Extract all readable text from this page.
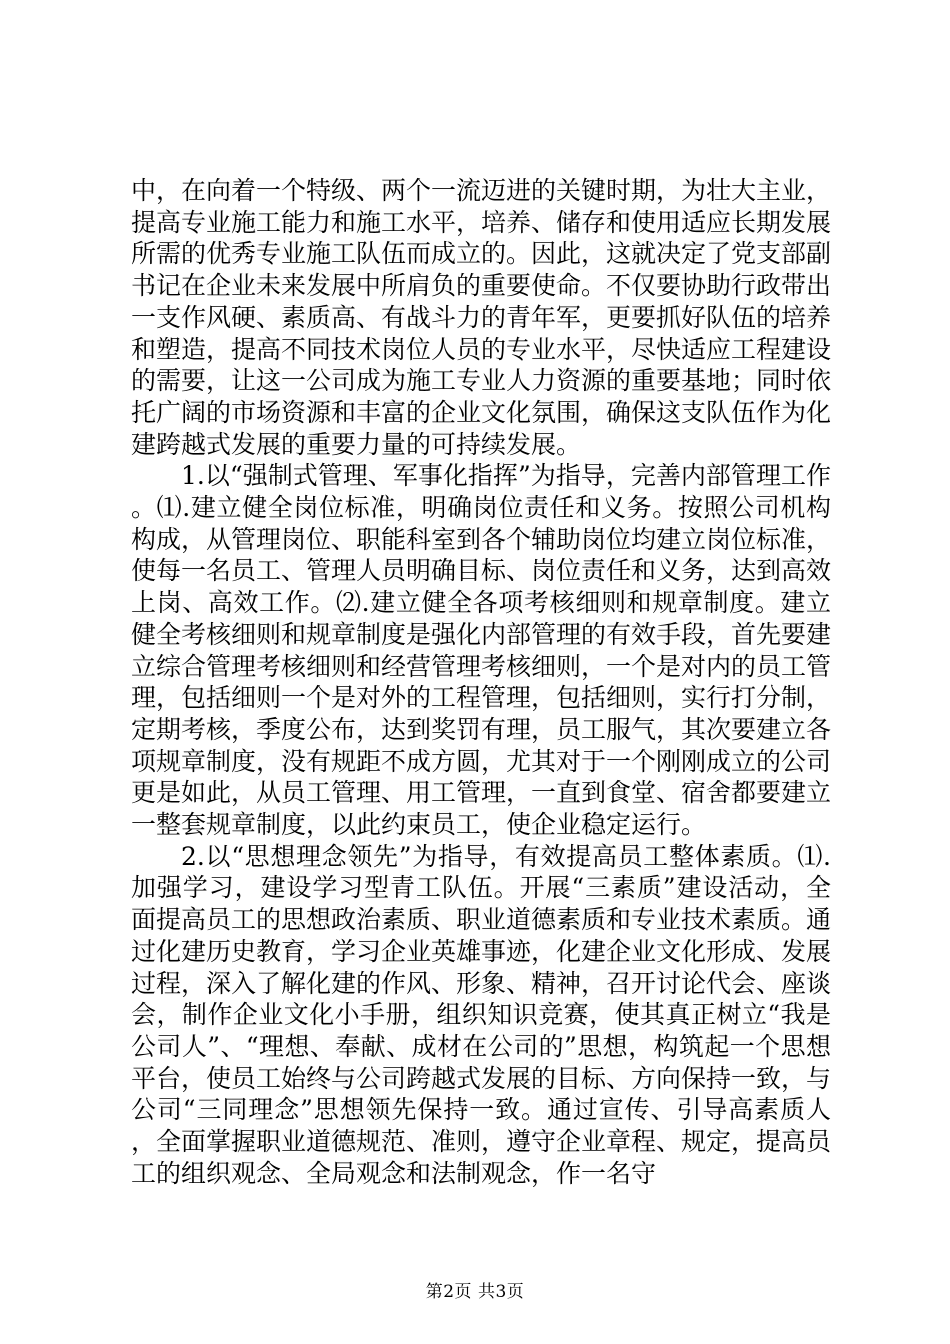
中，在向着一个特级、两个一流迈进的关键时期，为壮大主业，提高专业施工能力和施工水平，培养、储存和使用适应长期发展所需的优秀专业施工队伍而成立的。因此，这就决定了党支部副书记在企业未来发展中所肩负的重要使命。不仅要协助行政带出一支作风硬、素质高、有战斗力的青年军，更要抓好队伍的培养和塑造，提高不同技术岗位人员的专业水平，尽快适应工程建设的需要，让这一公司成为施工专业人力资源的重要基地；同时依托广阔的市场资源和丰富的企业文化氛围，确保这支队伍作为化建跨越式发展的重要力量的可持续发展。

1.以“强制式管理、军事化指挥”为指导，完善内部管理工作。⑴.建立健全岗位标准，明确岗位责任和义务。按照公司机构构成，从管理岗位、职能科室到各个辅助岗位均建立岗位标准，使每一名员工、管理人员明确目标、岗位责任和义务，达到高效上岗、高效工作。⑵.建立健全各项考核细则和规章制度。建立健全考核细则和规章制度是强化内部管理的有效手段，首先要建立综合管理考核细则和经营管理考核细则，一个是对内的员工管理，包括细则一个是对外的工程管理，包括细则，实行打分制，定期考核，季度公布，达到奖罚有理，员工服气，其次要建立各项规章制度，没有规距不成方圆，尤其对于一个刚刚成立的公司更是如此，从员工管理、用工管理，一直到食堂、宿舍都要建立一整套规章制度，以此约束员工，使企业稳定运行。

2.以“思想理念领先”为指导，有效提高员工整体素质。⑴.加强学习，建设学习型青工队伍。开展“三素质”建设活动，全面提高员工的思想政治素质、职业道德素质和专业技术素质。通过化建历史教育，学习企业英雄事迹，化建企业文化形成、发展过程，深入了解化建的作风、形象、精神，召开讨论代会、座谈会，制作企业文化小手册，组织知识竞赛，使其真正树立“我是公司人”、“理想、奉献、成材在公司的”思想，构筑起一个思想平台，使员工始终与公司跨越式发展的目标、方向保持一致，与公司“三同理念”思想领先保持一致。通过宣传、引导高素质人，全面掌握职业道德规范、准则，遵守企业章程、规定，提高员工的组织观念、全局观念和法制观念，作一名守

第2页 共3页
